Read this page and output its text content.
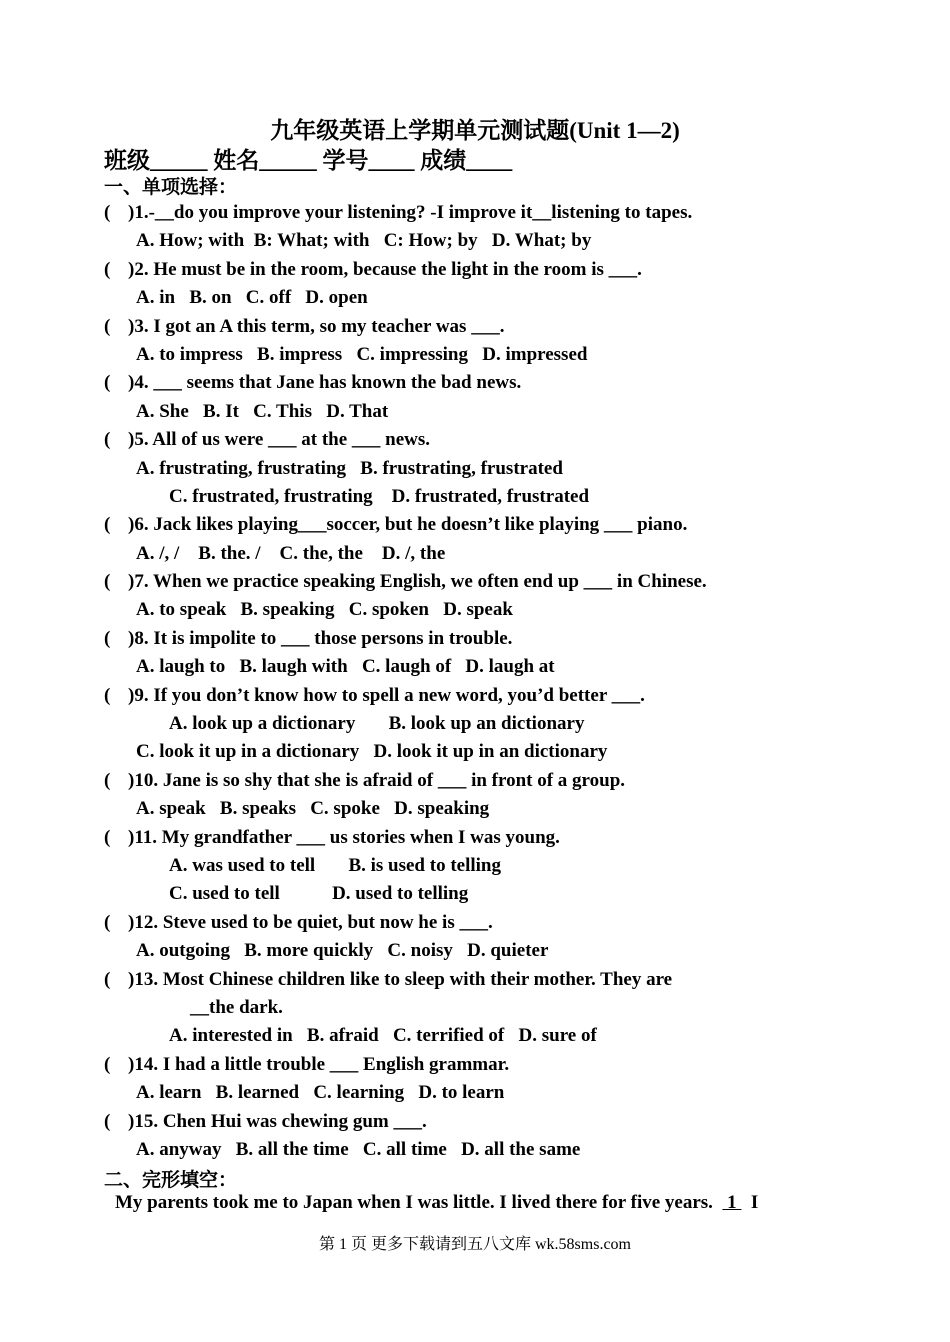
九年级英语上学期单元测试题(Unit 1—2)
班级_____ 姓名_____ 学号____ 成绩____
一、单项选择：
( )1.-__do you improve your listening? -I improve it__listening to tapes.
A. How; with  B: What; with   C: How; by   D. What; by
( )2. He must be in the room, because the light in the room is ___.
A. in   B. on   C. off   D. open
( )3. I got an A this term, so my teacher was ___.
A. to impress   B. impress   C. impressing   D. impressed
( )4. ___ seems that Jane has known the bad news.
A. She   B. It   C. This   D. That
( )5. All of us were ___ at the ___ news.
A. frustrating, frustrating   B. frustrating, frustrated
C. frustrated, frustrating    D. frustrated, frustrated
( )6. Jack likes playing___soccer, but he doesn’t like playing ___ piano.
A. /, /    B. the. /    C. the, the    D. /, the
( )7. When we practice speaking English, we often end up ___ in Chinese.
A. to speak   B. speaking   C. spoken   D. speak
( )8. It is impolite to ___ those persons in trouble.
A. laugh to   B. laugh with   C. laugh of   D. laugh at
( )9. If you don’t know how to spell a new word, you’d better ___.
A. look up a dictionary       B. look up an dictionary
C. look it up in a dictionary   D. look it up in an dictionary
( )10. Jane is so shy that she is afraid of ___ in front of a group.
A. speak   B. speaks   C. spoke   D. speaking
( )11. My grandfather ___ us stories when I was young.
A. was used to tell       B. is used to telling
C. used to tell           D. used to telling
( )12. Steve used to be quiet, but now he is ___.
A. outgoing   B. more quickly   C. noisy   D. quieter
( )13. Most Chinese children like to sleep with their mother. They are
__the dark.
A. interested in   B. afraid   C. terrified of   D. sure of
( )14. I had a little trouble ___ English grammar.
A. learn   B. learned   C. learning   D. to learn
( )15. Chen Hui was chewing gum ___.
A. anyway   B. all the time   C. all time   D. all the same
二、完形填空：
My parents took me to Japan when I was little. I lived there for five years.   1   I
第 1 页 更多下载请到五八文库 wk.58sms.com
